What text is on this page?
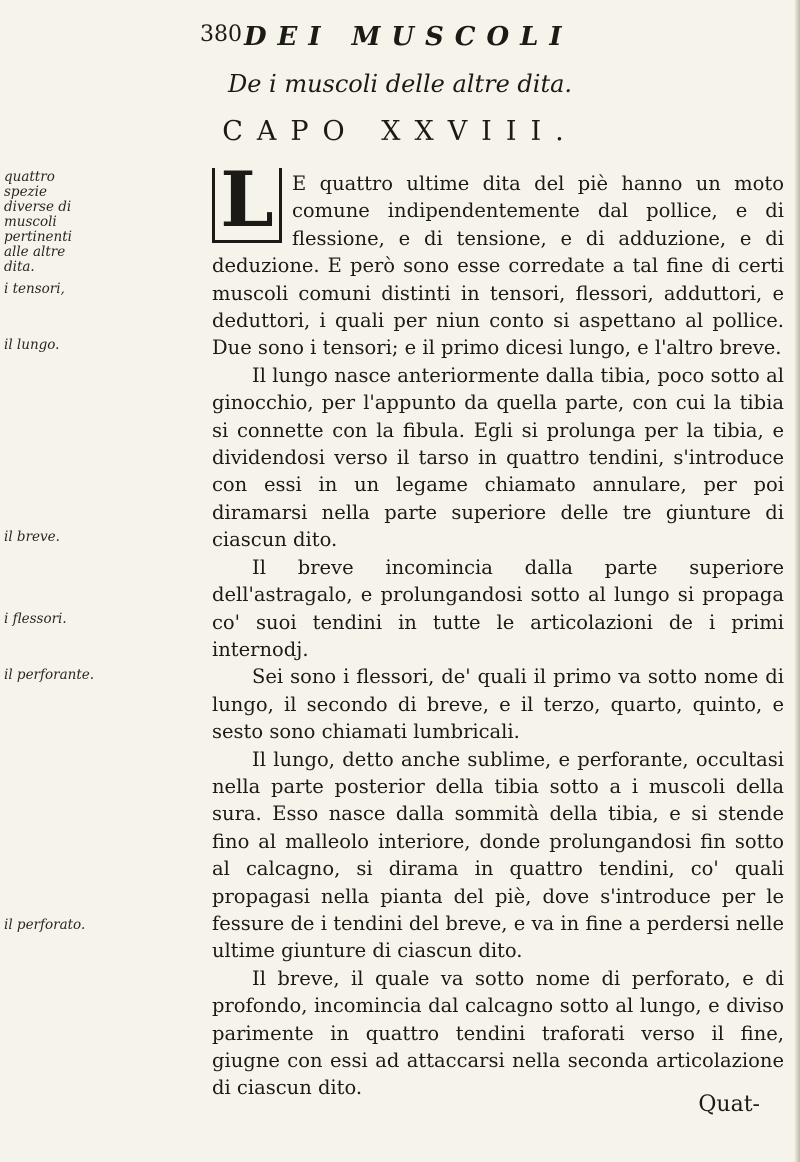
380 DEI MUSCOLI
De i muscoli delle altre dita.
CAPO XXVIII.
quattro spezie diverse di muscoli pertinenti alle altre dita.
i tensori,
il lungo.
il breve.
i flessori.
il perforante.
il perforato.

L E quattro ultime dita del piè hanno un moto comune indipendentemente dal pollice, e di flessione, e di tensione, e di adduzione, e di deduzione. E però sono esse corredate a tal fine di certi muscoli comuni distinti in tensori, flessori, adduttori, e deduttori, i quali per niun conto si aspettano al pollice. Due sono i tensori; e il primo dicesi lungo, e l'altro breve.

Il lungo nasce anteriormente dalla tibia, poco sotto al ginocchio, per l'appunto da quella parte, con cui la tibia si connette con la fibula. Egli si prolunga per la tibia, e dividendosi verso il tarso in quattro tendini, s'introduce con essi in un legame chiamato annulare, per poi diramarsi nella parte superiore delle tre giunture di ciascun dito.

Il breve incomincia dalla parte superiore dell'astragalo, e prolungandosi sotto al lungo si propaga co' suoi tendini in tutte le articolazioni de i primi internodj.

Sei sono i flessori, de' quali il primo va sotto nome di lungo, il secondo di breve, e il terzo, quarto, quinto, e sesto sono chiamati lumbricali.

Il lungo, detto anche sublime, e perforante, occultasi nella parte posterior della tibia sotto a i muscoli della sura. Esso nasce dalla sommità della tibia, e si stende fino al malleolo interiore, donde prolungandosi fin sotto al calcagno, si dirama in quattro tendini, co' quali propagasi nella pianta del piè, dove s'introduce per le fessure de i tendini del breve, e va in fine a perdersi nelle ultime giunture di ciascun dito.

Il breve, il quale va sotto nome di perforato, e di profondo, incomincia dal calcagno sotto al lungo, e diviso parimente in quattro tendini traforati verso il fine, giugne con essi ad attaccarsi nella seconda articolazione di ciascun dito.

Quat-
